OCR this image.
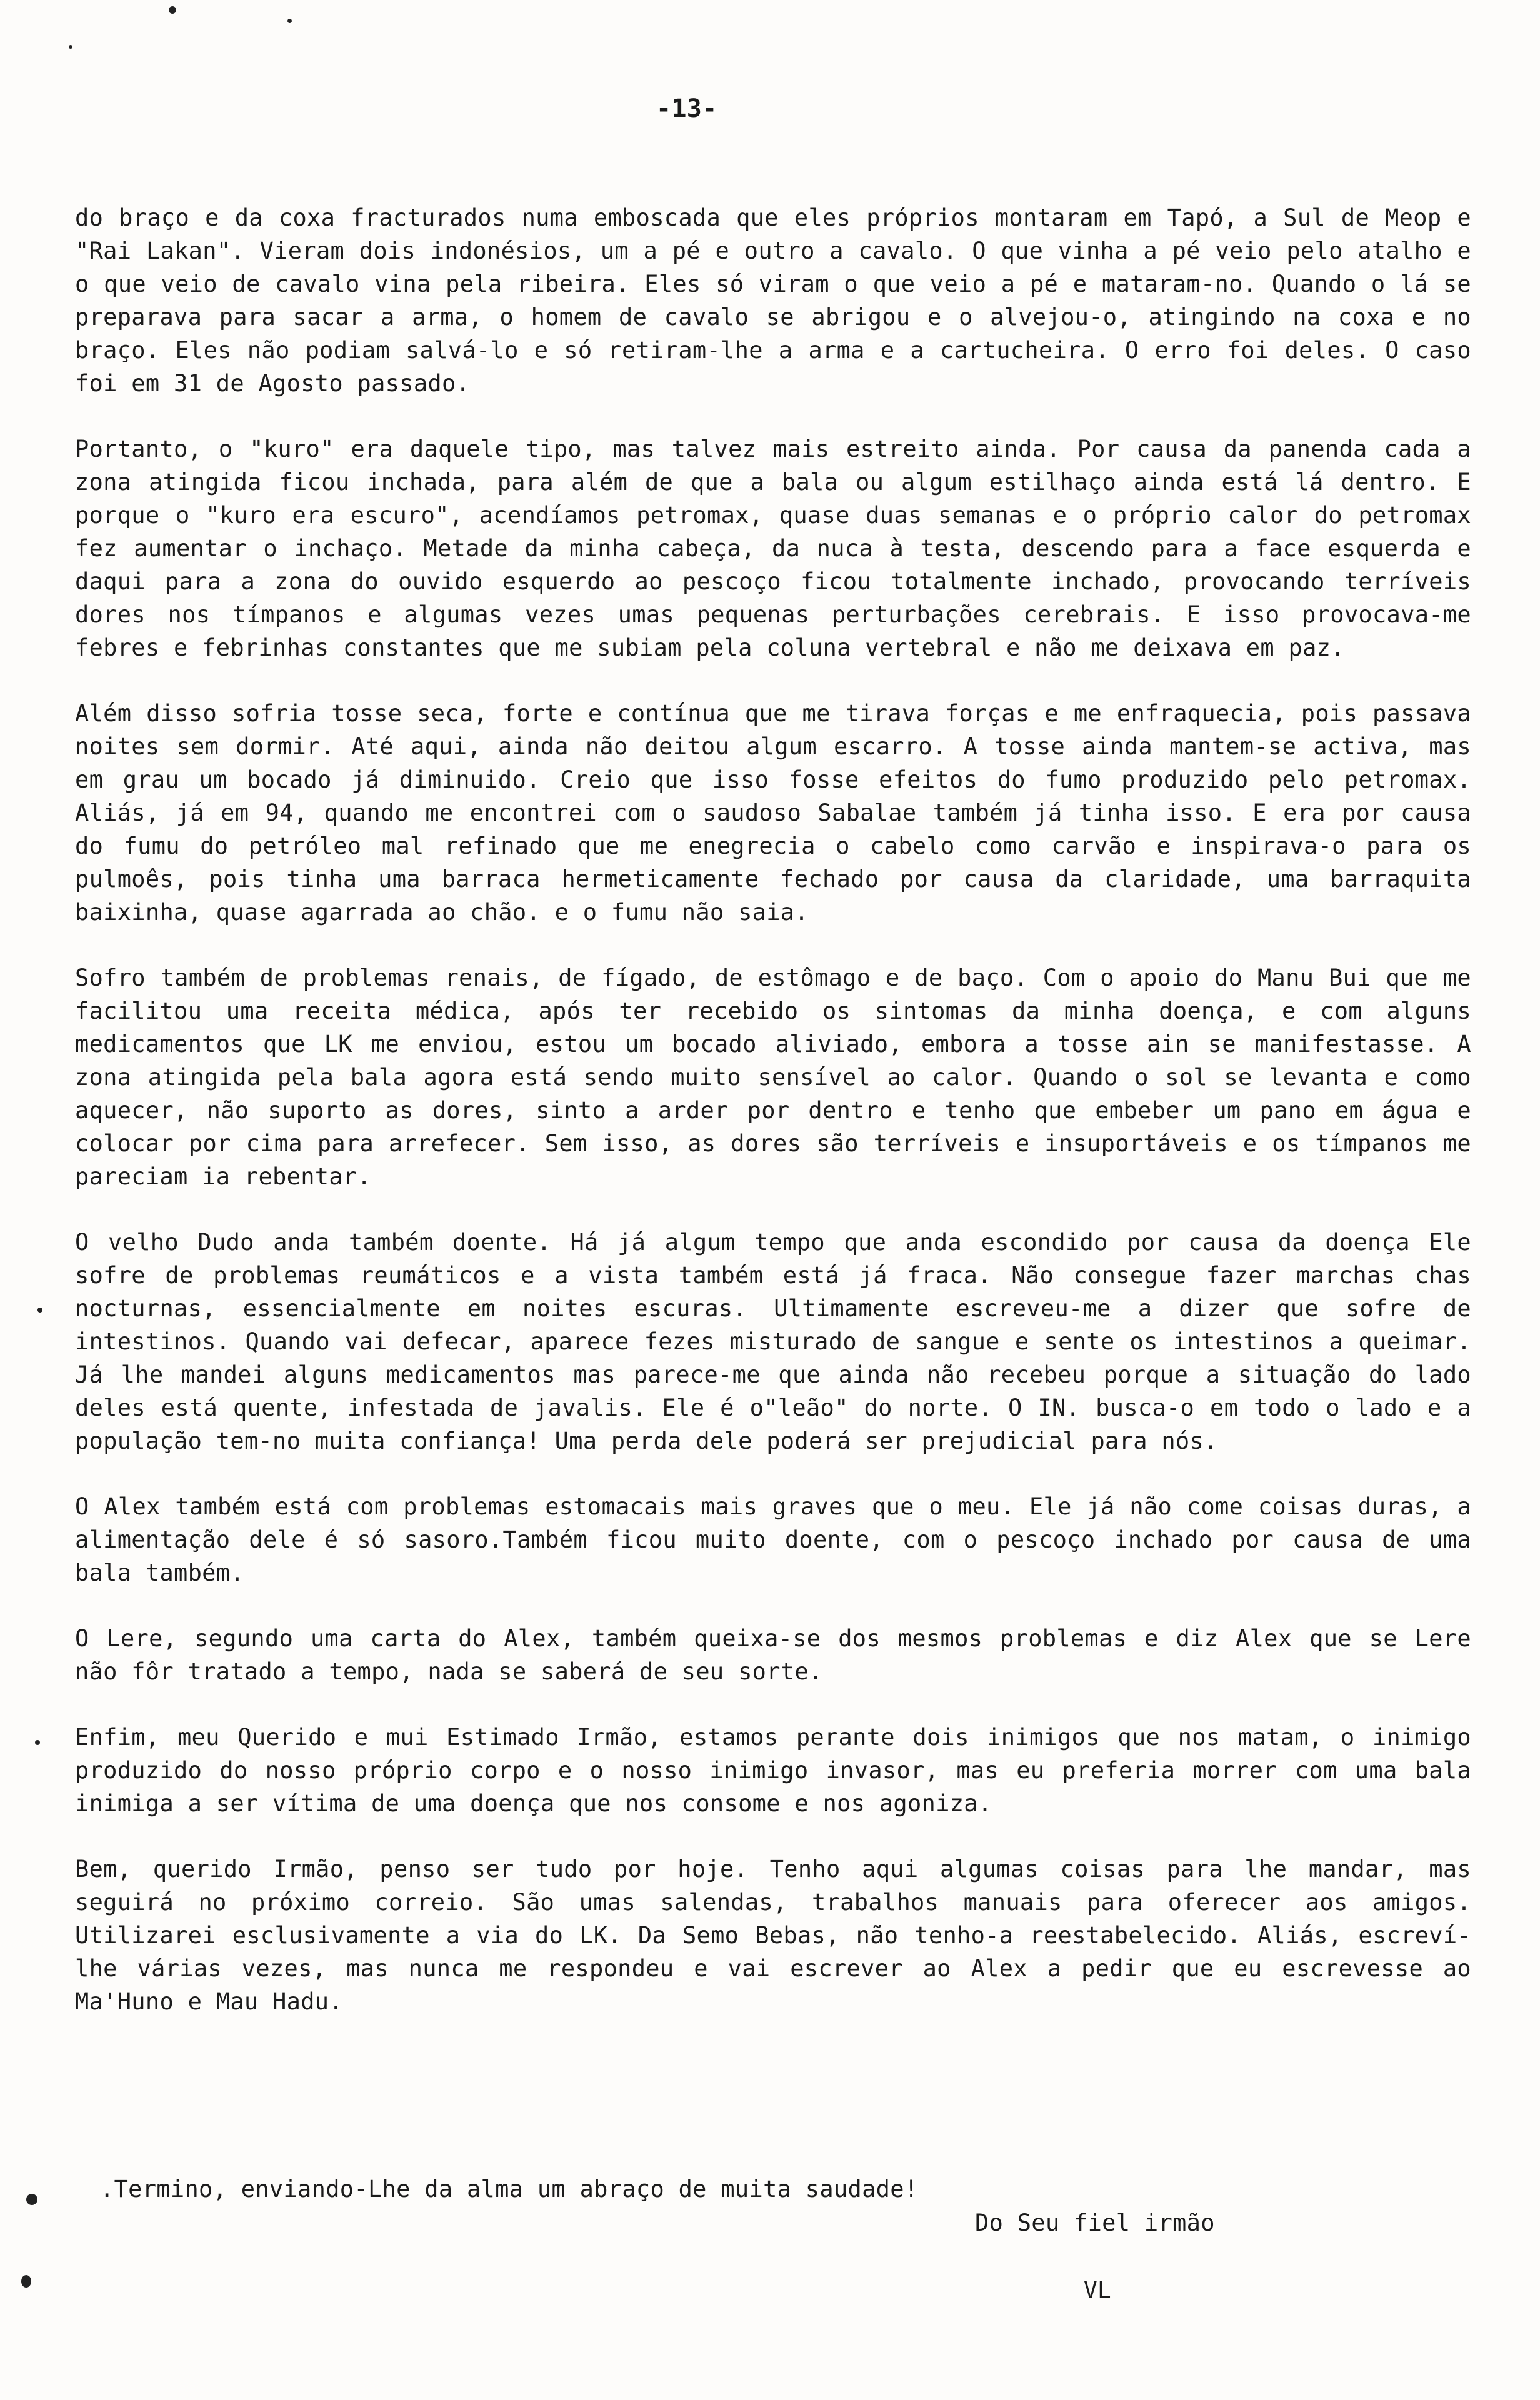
-13-

do braço e da coxa fracturados numa emboscada que eles próprios montaram em Tapó, a Sul de Meop e "Rai Lakan". Vieram dois indonésios, um a pé e outro a cavalo. O que vinha a pé veio pelo atalho e o que veio de cavalo vina pela ribeira. Eles só viram o que veio a pé e mataram-no. Quando o lá se preparava para sacar a arma, o homem de cavalo se abrigou e o alvejou-o, atingindo na coxa e no braço. Eles não podiam salvá-lo e só retiram-lhe a arma e a cartucheira. O erro foi deles. O caso foi em 31 de Agosto passado.

Portanto, o "kuro" era daquele tipo, mas talvez mais estreito ainda. Por causa da panenda cada a zona atingida ficou inchada, para além de que a bala ou algum estilhaço ainda está lá dentro. E porque o "kuro era escuro", acendíamos petromax, quase duas semanas e o próprio calor do petromax fez aumentar o inchaço. Metade da minha cabeça, da nuca à testa, descendo para a face esquerda e daqui para a zona do ouvido esquerdo ao pescoço ficou totalmente inchado, provocando terríveis dores nos tímpanos e algumas vezes umas pequenas perturbações cerebrais. E isso provocava-me febres e febrinhas constantes que me subiam pela coluna vertebral e não me deixava em paz.

Além disso sofria tosse seca, forte e contínua que me tirava forças e me enfraquecia, pois passava noites sem dormir. Até aqui, ainda não deitou algum escarro. A tosse ainda mantem-se activa, mas em grau um bocado já diminuido. Creio que isso fosse efeitos do fumo produzido pelo petromax. Aliás, já em 94, quando me encontrei com o saudoso Sabalae também já tinha isso. E era por causa do fumu do petróleo mal refinado que me enegrecia o cabelo como carvão e inspirava-o para os pulmoês, pois tinha uma barraca hermeticamente fechado por causa da claridade, uma barraquita baixinha, quase agarrada ao chão. e o fumu não saia.

Sofro também de problemas renais, de fígado, de estômago e de baço. Com o apoio do Manu Bui que me facilitou uma receita médica, após ter recebido os sintomas da minha doença, e com alguns medicamentos que LK me enviou, estou um bocado aliviado, embora a tosse ain se manifestasse. A zona atingida pela bala agora está sendo muito sensível ao calor. Quando o sol se levanta e como aquecer, não suporto as dores, sinto a arder por dentro e tenho que embeber um pano em água e colocar por cima para arrefecer. Sem isso, as dores são terríveis e insuportáveis e os tímpanos me pareciam ia rebentar.

O velho Dudo anda também doente. Há já algum tempo que anda escondido por causa da doença Ele sofre de problemas reumáticos e a vista também está já fraca. Não consegue fazer marchas chas nocturnas, essencialmente em noites escuras. Ultimamente escreveu-me a dizer que sofre de intestinos. Quando vai defecar, aparece fezes misturado de sangue e sente os intestinos a queimar. Já lhe mandei alguns medicamentos mas parece-me que ainda não recebeu porque a situação do lado deles está quente, infestada de javalis. Ele é o"leão" do norte. O IN. busca-o em todo o lado e a população tem-no muita confiança! Uma perda dele poderá ser prejudicial para nós.

O Alex também está com problemas estomacais mais graves que o meu. Ele já não come coisas duras, a alimentação dele é só sasoro.Também ficou muito doente, com o pescoço inchado por causa de uma bala também.

O Lere, segundo uma carta do Alex, também queixa-se dos mesmos problemas e diz Alex que se Lere não fôr tratado a tempo, nada se saberá de seu sorte.

Enfim, meu Querido e mui Estimado Irmão, estamos perante dois inimigos que nos matam, o inimigo produzido do nosso próprio corpo e o nosso inimigo invasor, mas eu preferia morrer com uma bala inimiga a ser vítima de uma doença que nos consome e nos agoniza.

Bem, querido Irmão, penso ser tudo por hoje. Tenho aqui algumas coisas para lhe mandar, mas seguirá no próximo correio. São umas salendas, trabalhos manuais para oferecer aos amigos. Utilizarei esclusivamente a via do LK. Da Semo Bebas, não tenho-a reestabelecido. Aliás, escreví-lhe várias vezes, mas nunca me respondeu e vai escrever ao Alex a pedir que eu escrevesse ao Ma'Huno e Mau Hadu.

.Termino, enviando-Lhe da alma um abraço de muita saudade!
Do Seu fiel irmão
VL
